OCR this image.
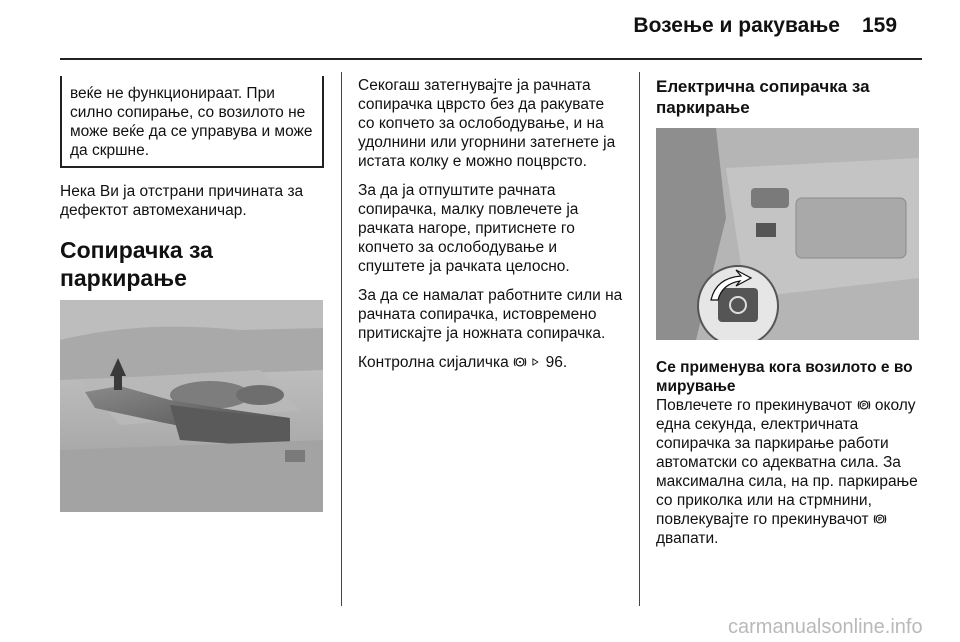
Возење и ракување 159
веќе не функционираат. При силно сопирање, со возилото не може веќе да се управува и може да скршне.

Нека Ви ја отстрани причината за дефектот автомеханичар.

Сопирачка за паркирање

Секогаш затегнувајте ја рачната сопирачка цврсто без да ракувате со копчето за ослободување, и на удолнини или угорнини затегнете ја истата колку е можно поцврсто.

За да ја отпуштите рачната сопирачка, малку повлечете ја рачката нагоре, притиснете го копчето за ослободување и спуштете ја рачката целосно.

За да се намалат работните сили на рачната сопирачка, истовремено притискајте ја ножната сопирачка.

Контролна сијаличка 96.

Електрична сопирачка за паркирање

Се применува кога возилото е во мирување

Повлечете го прекинувачот P околу една секунда, електричната сопирачка за паркирање работи автоматски со адекватна сила. За максимална сила, на пр. паркирање со приколка или на стрмнини, повлекувајте го прекинувачот P
двапати.

carmanualsonline.info
